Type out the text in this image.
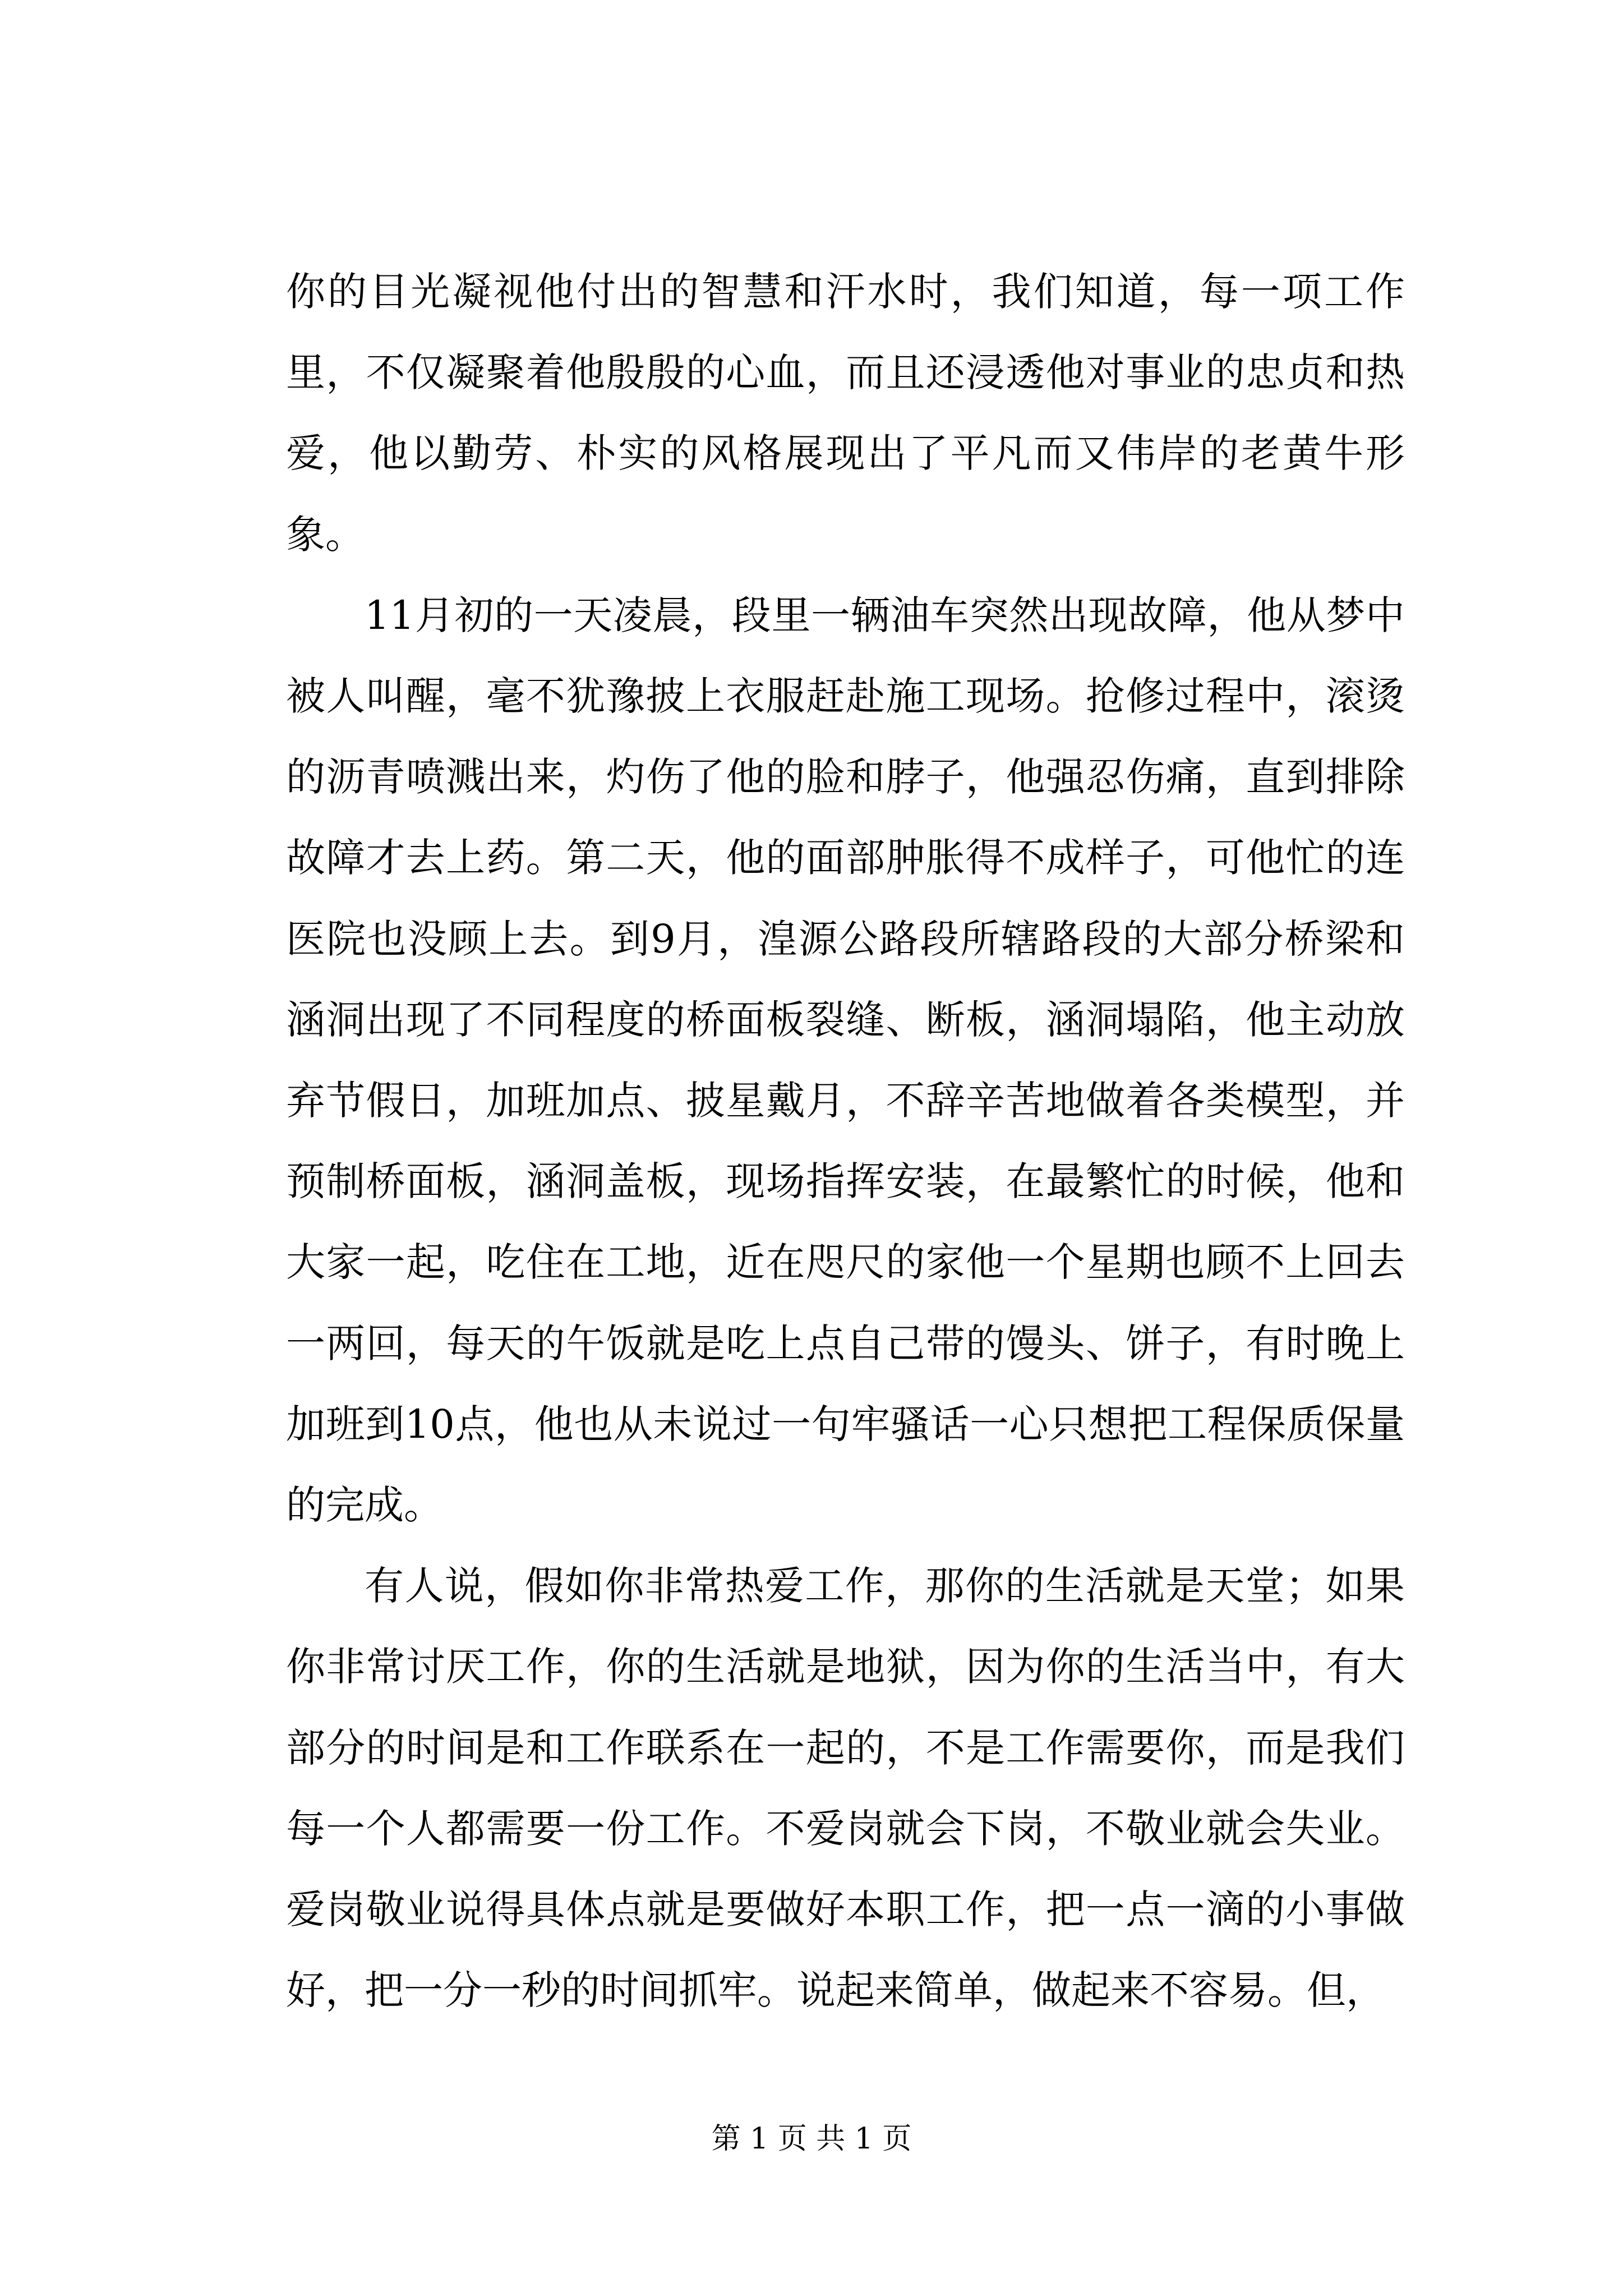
你的目光凝视他付出的智慧和汗水时，我们知道，每一项工作里，不仅凝聚着他殷殷的心血，而且还浸透他对事业的忠贞和热爱，他以勤劳、朴实的风格展现出了平凡而又伟岸的老黄牛形象。

11月初的一天凌晨，段里一辆油车突然出现故障，他从梦中被人叫醒，毫不犹豫披上衣服赶赴施工现场。抢修过程中，滚烫的沥青喷溅出来，灼伤了他的脸和脖子，他强忍伤痛，直到排除故障才去上药。第二天，他的面部肿胀得不成样子，可他忙的连医院也没顾上去。到9月，湟源公路段所辖路段的大部分桥梁和涵洞出现了不同程度的桥面板裂缝、断板，涵洞塌陷，他主动放弃节假日，加班加点、披星戴月，不辞辛苦地做着各类模型，并预制桥面板，涵洞盖板，现场指挥安装，在最繁忙的时候，他和大家一起，吃住在工地，近在咫尺的家他一个星期也顾不上回去一两回，每天的午饭就是吃上点自己带的馒头、饼子，有时晚上加班到10点，他也从未说过一句牢骚话一心只想把工程保质保量的完成。

有人说，假如你非常热爱工作，那你的生活就是天堂；如果你非常讨厌工作，你的生活就是地狱，因为你的生活当中，有大部分的时间是和工作联系在一起的，不是工作需要你，而是我们每一个人都需要一份工作。不爱岗就会下岗，不敬业就会失业。爱岗敬业说得具体点就是要做好本职工作，把一点一滴的小事做好，把一分一秒的时间抓牢。说起来简单，做起来不容易。但，

第 1 页 共 1 页
